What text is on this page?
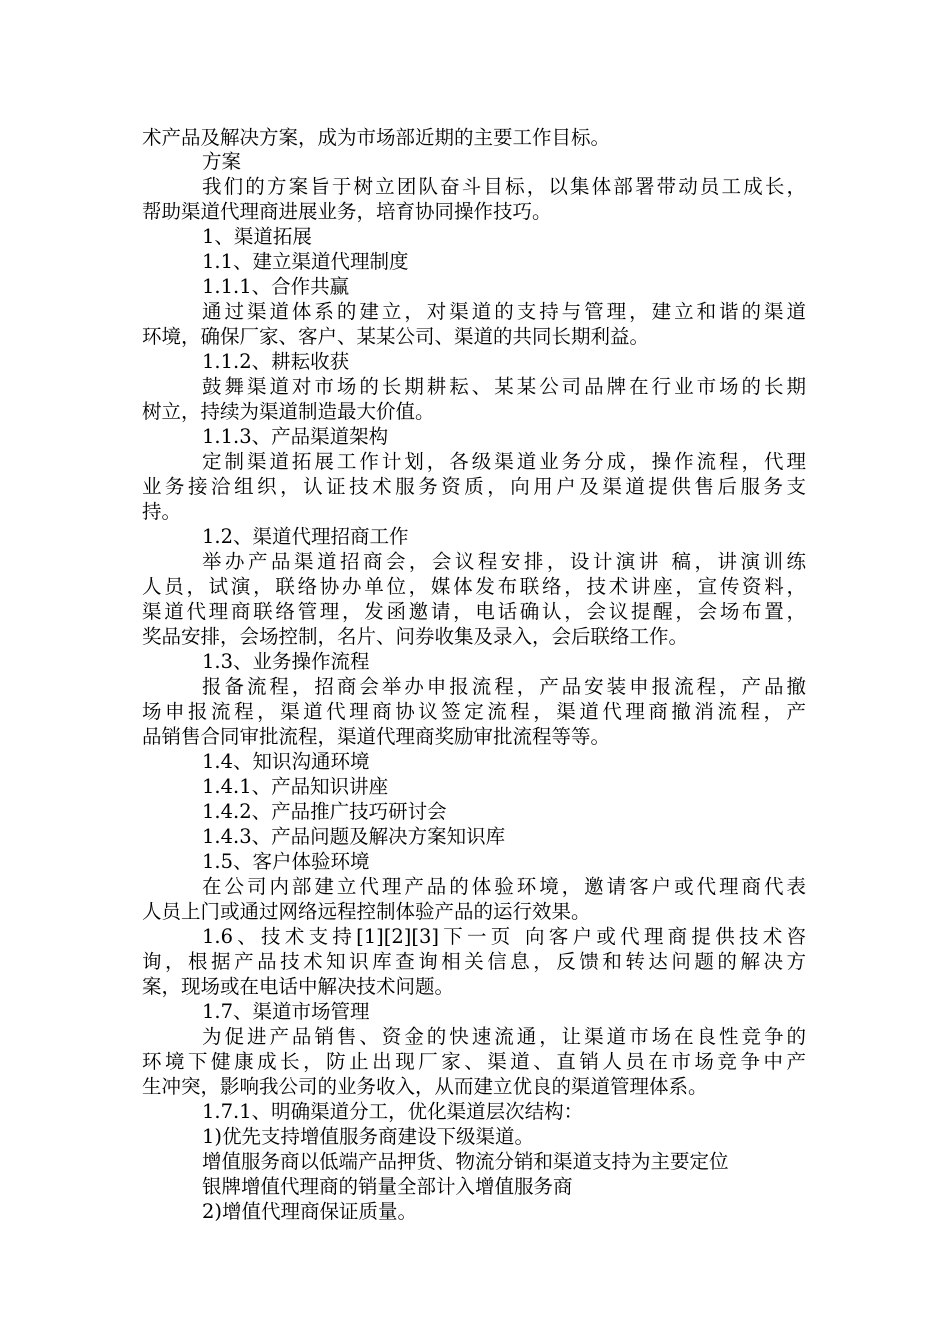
术产品及解决方案，成为市场部近期的主要工作目标。
方案
我们的方案旨于树立团队奋斗目标，以集体部署带动员工成长，
帮助渠道代理商进展业务，培育协同操作技巧。
1、渠道拓展
1.1、建立渠道代理制度
1.1.1、合作共赢
通过渠道体系的建立，对渠道的支持与管理，建立和谐的渠道
环境，确保厂家、客户、某某公司、渠道的共同长期利益。
1.1.2、耕耘收获
鼓舞渠道对市场的长期耕耘、某某公司品牌在行业市场的长期
树立，持续为渠道制造最大价值。
1.1.3、产品渠道架构
定制渠道拓展工作计划，各级渠道业务分成，操作流程，代理
业务接洽组织，认证技术服务资质，向用户及渠道提供售后服务支
持。
1.2、渠道代理招商工作
举办产品渠道招商会，会议程安排，设计演讲 稿，讲演训练
人员，试演，联络协办单位，媒体发布联络，技术讲座，宣传资料，
渠道代理商联络管理，发函邀请，电话确认，会议提醒，会场布置，
奖品安排，会场控制，名片、问券收集及录入，会后联络工作。
1.3、业务操作流程
报备流程，招商会举办申报流程，产品安装申报流程，产品撤
场申报流程，渠道代理商协议签定流程，渠道代理商撤消流程，产
品销售合同审批流程，渠道代理商奖励审批流程等等。
1.4、知识沟通环境
1.4.1、产品知识讲座
1.4.2、产品推广技巧研讨会
1.4.3、产品问题及解决方案知识库
1.5、客户体验环境
在公司内部建立代理产品的体验环境，邀请客户或代理商代表
人员上门或通过网络远程控制体验产品的运行效果。
1.6、技术支持[1][2][3]下一页 向客户或代理商提供技术咨
询，根据产品技术知识库查询相关信息，反馈和转达问题的解决方
案，现场或在电话中解决技术问题。
1.7、渠道市场管理
为促进产品销售、资金的快速流通，让渠道市场在良性竞争的
环境下健康成长，防止出现厂家、渠道、直销人员在市场竞争中产
生冲突，影响我公司的业务收入，从而建立优良的渠道管理体系。
1.7.1、明确渠道分工，优化渠道层次结构：
1)优先支持增值服务商建设下级渠道。
增值服务商以低端产品押货、物流分销和渠道支持为主要定位
银牌增值代理商的销量全部计入增值服务商
2)增值代理商保证质量。
